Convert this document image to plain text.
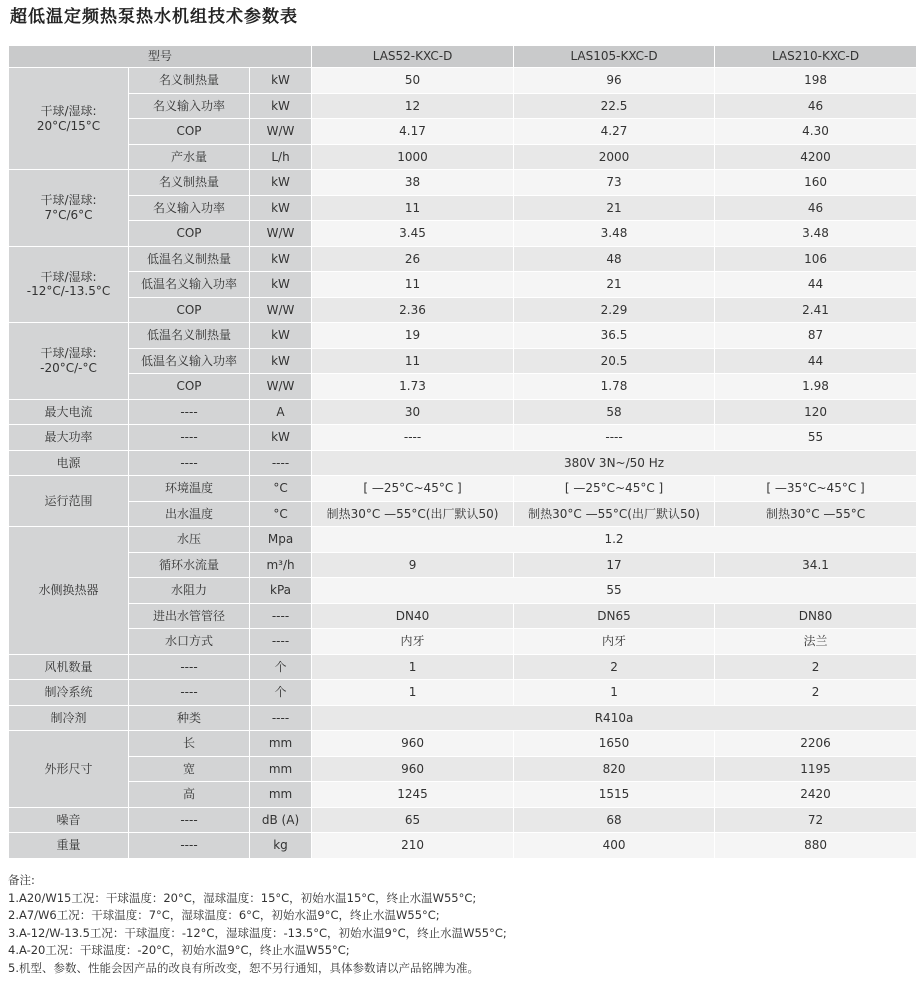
超低温定频热泵热水机组技术参数表
型号			LAS52-KXC-D	LAS105-KXC-D	LAS210-KXC-D

干球/湿球:
20°C/15°C	名义制热量	kW	50	96	198
	名义输入功率	kW	12	22.5	46
	COP	W/W	4.17	4.27	4.30
	产水量	L/h	1000	2000	4200

干球/湿球:
7°C/6°C	名义制热量	kW	38	73	160
	名义输入功率	kW	11	21	46
	COP	W/W	3.45	3.48	3.48

干球/湿球:
-12°C/-13.5°C	低温名义制热量	kW	26	48	106
	低温名义输入功率	kW	11	21	44
	COP	W/W	2.36	2.29	2.41

干球/湿球:
-20°C/-°C	低温名义制热量	kW	19	36.5	87
	低温名义输入功率	kW	11	20.5	44
	COP	W/W	1.73	1.78	1.98

最大电流	----	A	30	58	120

最大功率	----	kW	----	----	55

电源	----	----	380V 3N~/50 Hz		

运行范围	环境温度	°C	[ —25°C~45°C ]	[ —25°C~45°C ]	[ —35°C~45°C ]
	出水温度	°C	制热30°C —55°C(出厂默认50)	制热30°C —55°C(出厂默认50)	制热30°C —55°C

水侧换热器	水压	Mpa	1.2		
	循环水流量	m³/h	9	17	34.1
	水阻力	kPa	55		
	进出水管管径	----	DN40	DN65	DN80
	水口方式	----	内牙	内牙	法兰

风机数量	----	个	1	2	2

制冷系统	----	个	1	1	2

制冷剂	种类	----	R410a		

外形尺寸	长	mm	960	1650	2206
	宽	mm	960	820	1195
	高	mm	1245	1515	2420

噪音	----	dB (A)	65	68	72

重量	----	kg	210	400	880
备注:
1.A20/W15工况：干球温度：20°C，湿球温度：15°C，初始水温15°C，终止水温W55°C;
2.A7/W6工况：干球温度：7°C，湿球温度：6°C，初始水温9°C，终止水温W55°C;
3.A-12/W-13.5工况：干球温度：-12°C，湿球温度：-13.5°C，初始水温9°C，终止水温W55°C;
4.A-20工况：干球温度：-20°C，初始水温9°C，终止水温W55°C;
5.机型、参数、性能会因产品的改良有所改变，恕不另行通知，具体参数请以产品铭牌为准。
